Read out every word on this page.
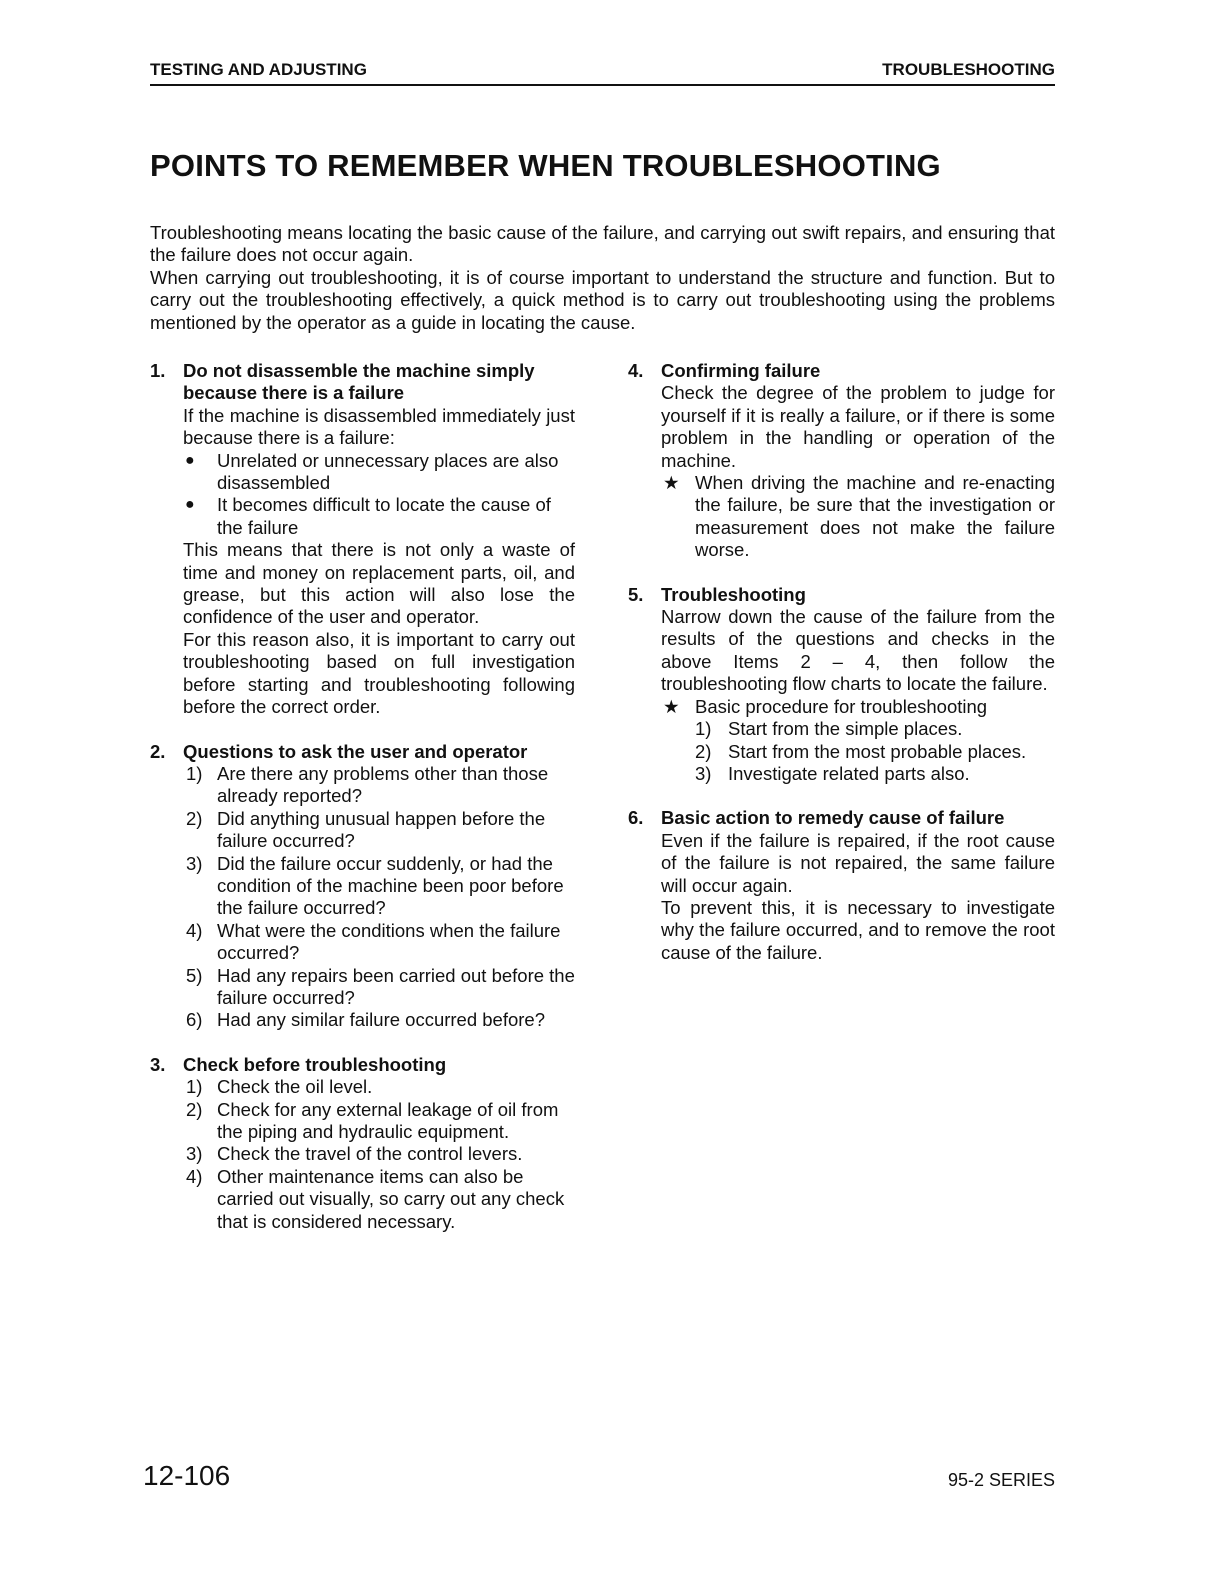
TESTING AND ADJUSTING	TROUBLESHOOTING
POINTS TO REMEMBER WHEN TROUBLESHOOTING

Troubleshooting means locating the basic cause of the failure, and carrying out swift repairs, and ensuring that the failure does not occur again.

When carrying out troubleshooting, it is of course important to understand the structure and function. But to carry out the troubleshooting effectively, a quick method is to carry out troubleshooting using the problems mentioned by the operator as a guide in locating the cause.

1. Do not disassemble the machine simply because there is a failure

If the machine is disassembled immediately just because there is a failure:

● Unrelated or unnecessary places are also disassembled
● It becomes difficult to locate the cause of the failure

This means that there is not only a waste of time and money on replacement parts, oil, and grease, but this action will also lose the confidence of the user and operator.

For this reason also, it is important to carry out troubleshooting based on full investigation before starting and troubleshooting following before the correct order.

2. Questions to ask the user and operator
1) Are there any problems other than those already reported?
2) Did anything unusual happen before the failure occurred?
3) Did the failure occur suddenly, or had the condition of the machine been poor before the failure occurred?
4) What were the conditions when the failure occurred?
5) Had any repairs been carried out before the failure occurred?
6) Had any similar failure occurred before?
3. Check before troubleshooting
1) Check the oil level.
2) Check for any external leakage of oil from the piping and hydraulic equipment.
3) Check the travel of the control levers.
4) Other maintenance items can also be carried out visually, so carry out any check that is considered necessary.
4. Confirming failure

Check the degree of the problem to judge for yourself if it is really a failure, or if there is some problem in the handling or operation of the machine.

★ When driving the machine and re-enacting the failure, be sure that the investigation or measurement does not make the failure worse.

5. Troubleshooting

Narrow down the cause of the failure from the results of the questions and checks in the above Items 2 – 4, then follow the troubleshooting flow charts to locate the failure.

★ Basic procedure for troubleshooting
1) Start from the simple places.
2) Start from the most probable places.
3) Investigate related parts also.
6. Basic action to remedy cause of failure

Even if the failure is repaired, if the root cause of the failure is not repaired, the same failure will occur again.

To prevent this, it is necessary to investigate why the failure occurred, and to remove the root cause of the failure.

12-106	95-2 SERIES
